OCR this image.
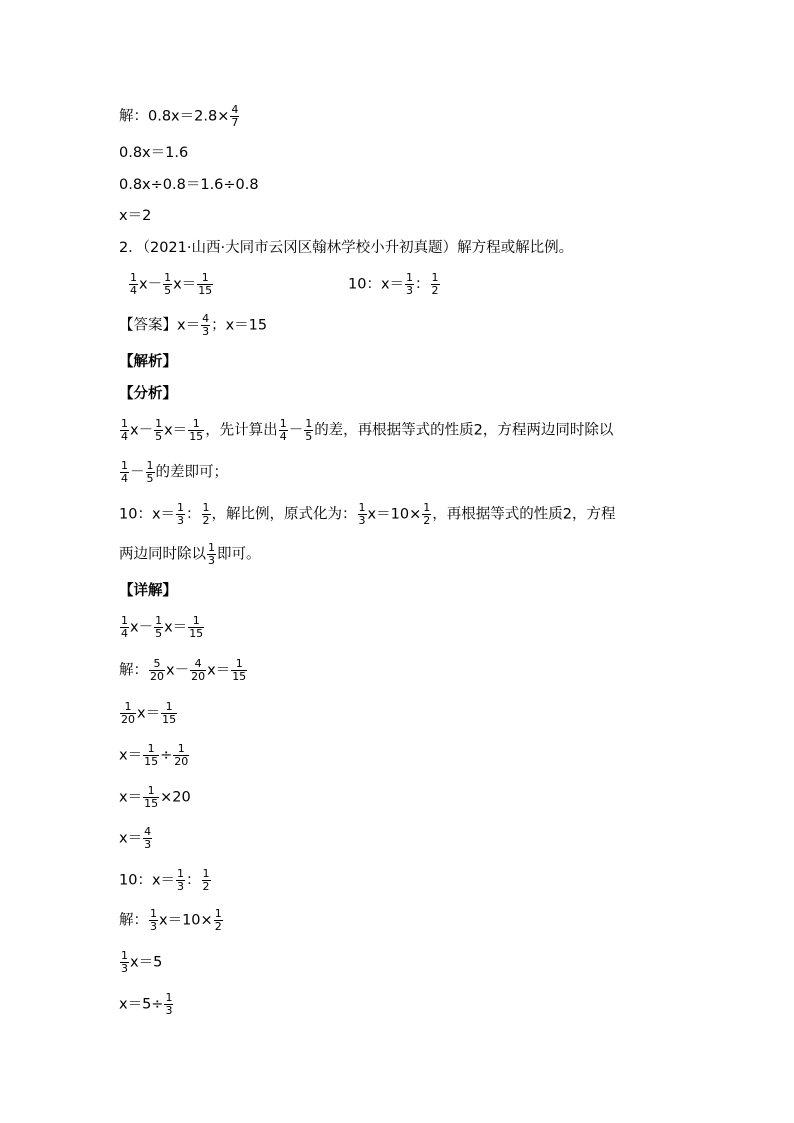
解：$0.8x=2.8\times \frac{4}{7}$
0.8x＝1.6
0.8x÷0.8＝1.6÷0.8
x＝2
2．（2021·山西·大同市云冈区翰林学校小升初真题）解方程或解比例。
$\frac{1}{4} x- \frac{1}{5} x= \frac{1}{15}$	10：$x= \frac{1}{3}$ ： $\frac{1}{2}$
【答案】$x= \frac{4}{3}$ ；x＝15
【解析】
【分析】
$\frac{1}{4} x- \frac{1}{5} x= \frac{1}{15}$ ，先计算出 $\frac{1}{4} - \frac{1}{5}$ 的差，再根据等式的性质2，方程两边同时除以
$\frac{1}{4} - \frac{1}{5}$ 的差即可；
10：$x= \frac{1}{3}$ ： $\frac{1}{2}$ ，解比例，原式化为： $\frac{1}{3} x=10\times \frac{1}{2}$ ，再根据等式的性质2，方程
两边同时除以 $\frac{1}{3}$ 即可。
【详解】
$\frac{1}{4} x- \frac{1}{5} x= \frac{1}{15}$
解： $\frac{5}{20} x- \frac{4}{20} x= \frac{1}{15}$
$\frac{1}{20} x= \frac{1}{15}$
$x= \frac{1}{15} \div \frac{1}{20}$
$x= \frac{1}{15} \times 20$
$x= \frac{4}{3}$
10：$x= \frac{1}{3}$ ： $\frac{1}{2}$
解： $\frac{1}{3} x=10\times \frac{1}{2}$
$\frac{1}{3} x=5$
$x=5\div \frac{1}{3}$
